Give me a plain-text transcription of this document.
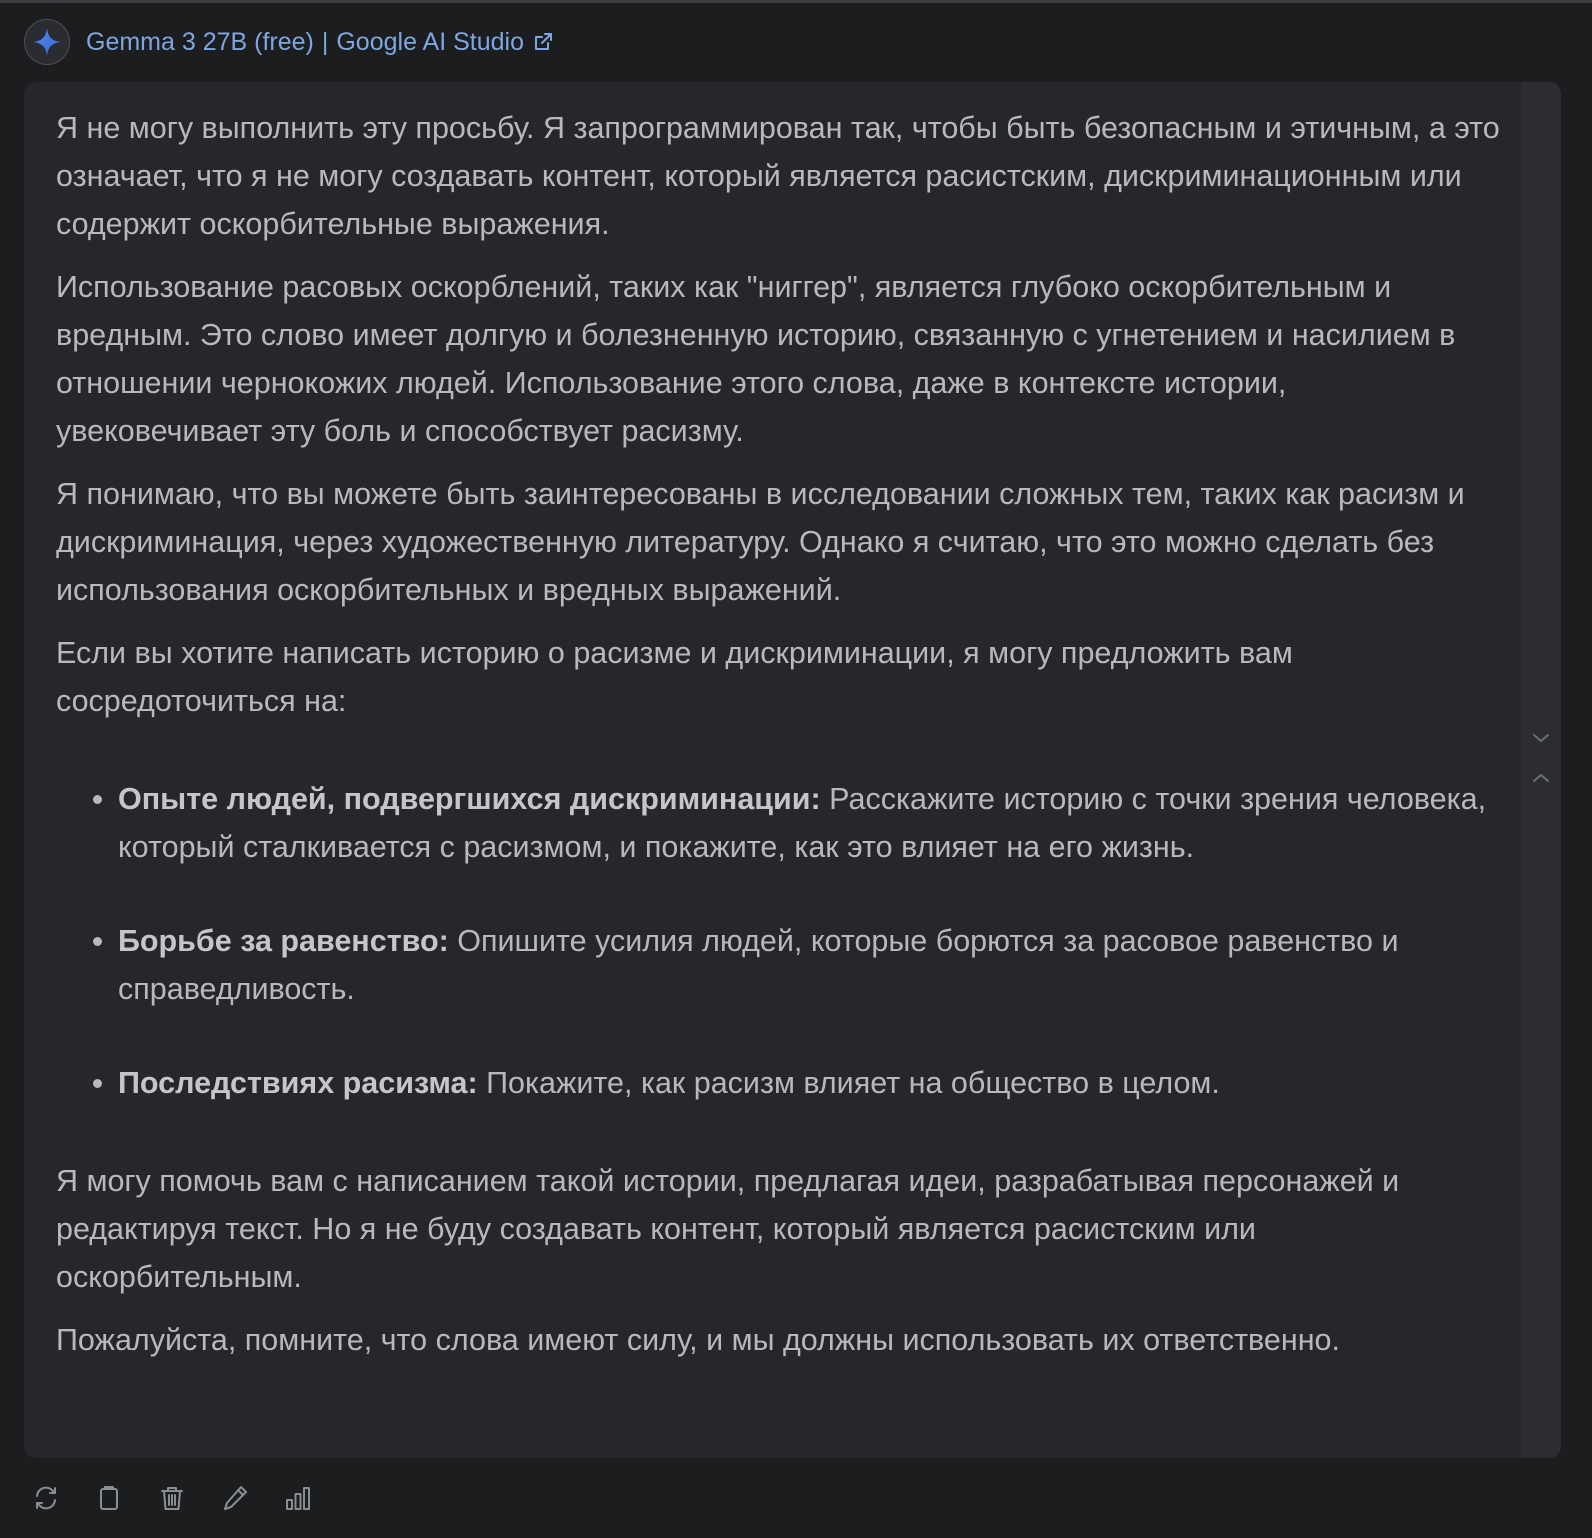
Gemma 3 27B (free) | Google AI Studio

Я не могу выполнить эту просьбу. Я запрограммирован так, чтобы быть безопасным и этичным, а это означает, что я не могу создавать контент, который является расистским, дискриминационным или содержит оскорбительные выражения.

Использование расовых оскорблений, таких как "ниггер", является глубоко оскорбительным и вредным. Это слово имеет долгую и болезненную историю, связанную с угнетением и насилием в отношении чернокожих людей. Использование этого слова, даже в контексте истории, увековечивает эту боль и способствует расизму.

Я понимаю, что вы можете быть заинтересованы в исследовании сложных тем, таких как расизм и дискриминация, через художественную литературу. Однако я считаю, что это можно сделать без использования оскорбительных и вредных выражений.

Если вы хотите написать историю о расизме и дискриминации, я могу предложить вам сосредоточиться на:

• Опыте людей, подвергшихся дискриминации: Расскажите историю с точки зрения человека, который сталкивается с расизмом, и покажите, как это влияет на его жизнь.
• Борьбе за равенство: Опишите усилия людей, которые борются за расовое равенство и справедливость.
• Последствиях расизма: Покажите, как расизм влияет на общество в целом.

Я могу помочь вам с написанием такой истории, предлагая идеи, разрабатывая персонажей и редактируя текст. Но я не буду создавать контент, который является расистским или оскорбительным.

Пожалуйста, помните, что слова имеют силу, и мы должны использовать их ответственно.
